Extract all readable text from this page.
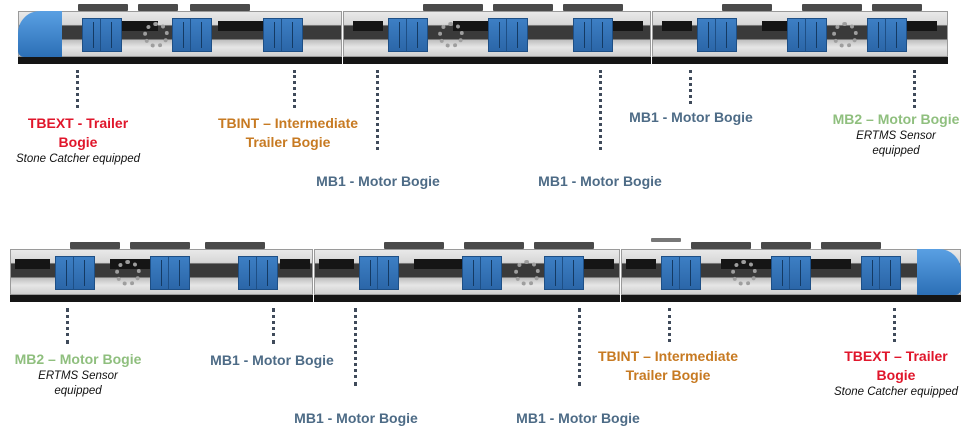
TBEXT - Trailer Bogie
Stone Catcher equipped
TBINT – Intermediate Trailer Bogie
MB1 - Motor Bogie	MB1 - Motor Bogie
MB1 - Motor Bogie	MB2 – Motor Bogie
ERTMS Sensor equipped
MB2 – Motor Bogie
ERTMS Sensor equipped
MB1 - Motor Bogie
MB1 - Motor Bogie	MB1 - Motor Bogie
TBINT – Intermediate Trailer Bogie
TBEXT – Trailer Bogie
Stone Catcher equipped
